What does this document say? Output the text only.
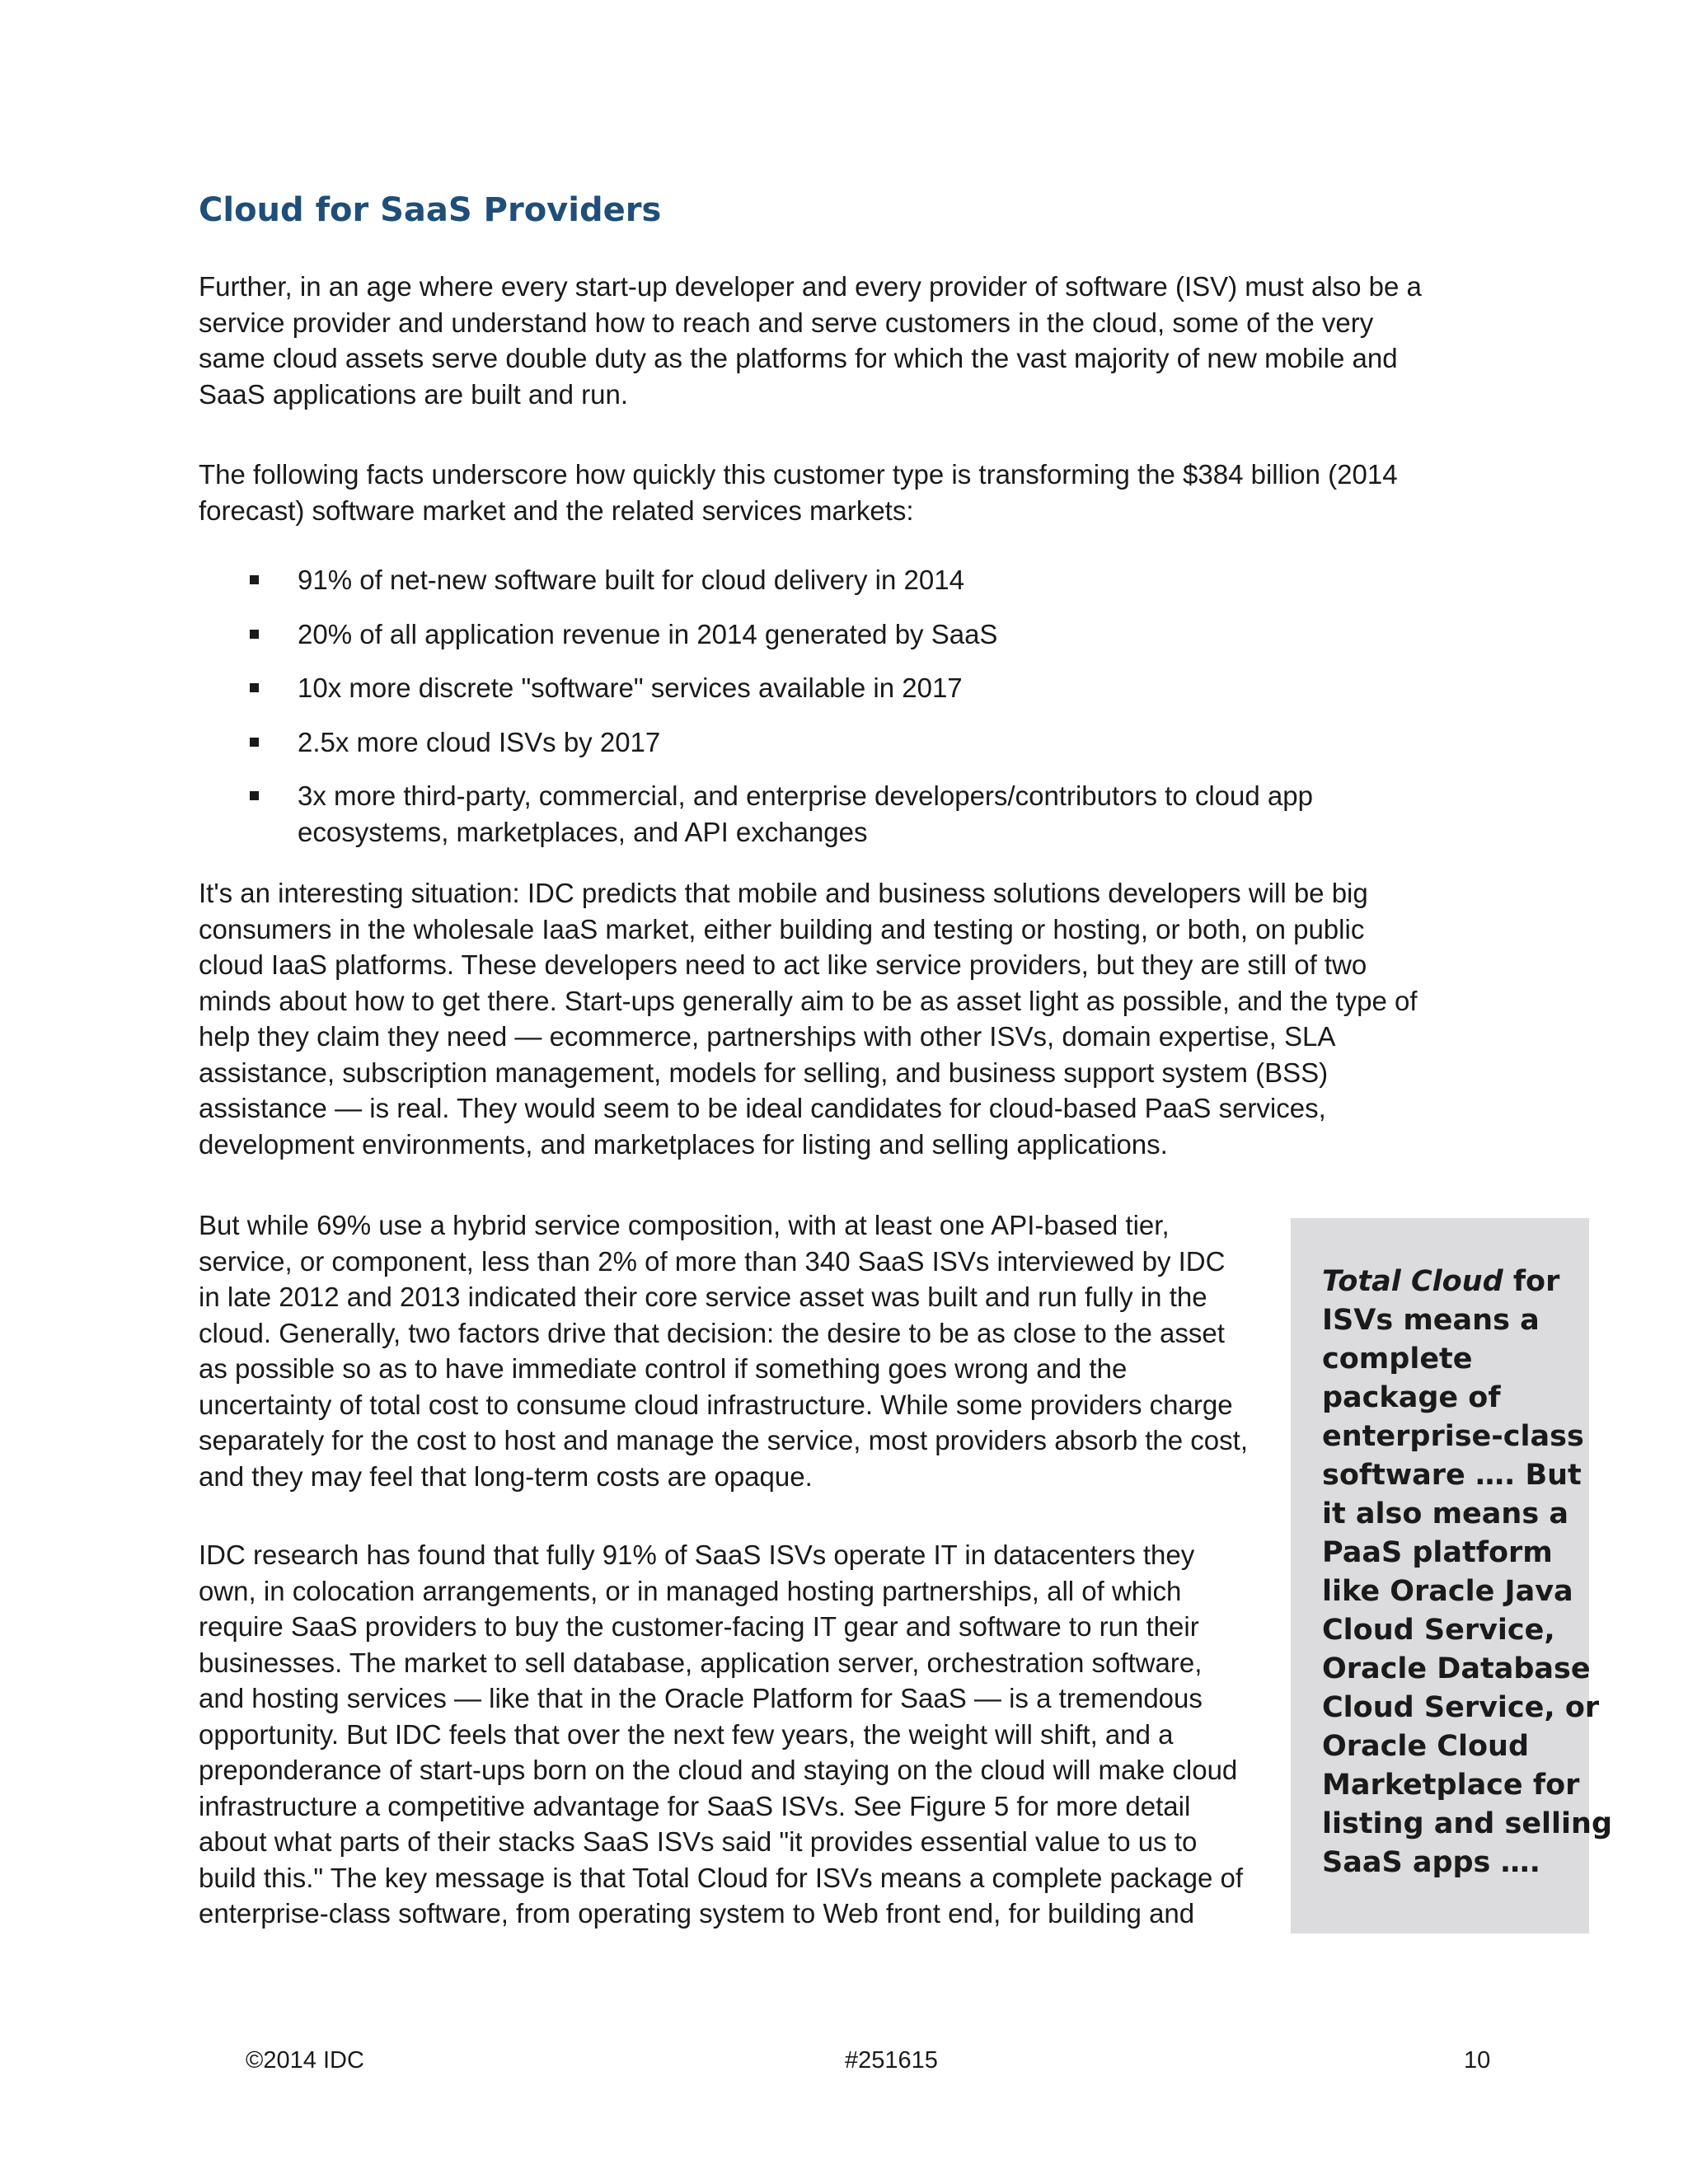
Cloud for SaaS Providers

Further, in an age where every start-up developer and every provider of software (ISV) must also be a
service provider and understand how to reach and serve customers in the cloud, some of the very
same cloud assets serve double duty as the platforms for which the vast majority of new mobile and
SaaS applications are built and run.

The following facts underscore how quickly this customer type is transforming the $384 billion (2014
forecast) software market and the related services markets:

91% of net-new software built for cloud delivery in 2014
20% of all application revenue in 2014 generated by SaaS
10x more discrete "software" services available in 2017
2.5x more cloud ISVs by 2017
3x more third-party, commercial, and enterprise developers/contributors to cloud app
ecosystems, marketplaces, and API exchanges

It's an interesting situation: IDC predicts that mobile and business solutions developers will be big
consumers in the wholesale IaaS market, either building and testing or hosting, or both, on public
cloud IaaS platforms. These developers need to act like service providers, but they are still of two
minds about how to get there. Start-ups generally aim to be as asset light as possible, and the type of
help they claim they need — ecommerce, partnerships with other ISVs, domain expertise, SLA
assistance, subscription management, models for selling, and business support system (BSS)
assistance — is real. They would seem to be ideal candidates for cloud-based PaaS services,
development environments, and marketplaces for listing and selling applications.

But while 69% use a hybrid service composition, with at least one API-based tier,
service, or component, less than 2% of more than 340 SaaS ISVs interviewed by IDC
in late 2012 and 2013 indicated their core service asset was built and run fully in the
cloud. Generally, two factors drive that decision: the desire to be as close to the asset
as possible so as to have immediate control if something goes wrong and the
uncertainty of total cost to consume cloud infrastructure. While some providers charge
separately for the cost to host and manage the service, most providers absorb the cost,
and they may feel that long-term costs are opaque.

IDC research has found that fully 91% of SaaS ISVs operate IT in datacenters they
own, in colocation arrangements, or in managed hosting partnerships, all of which
require SaaS providers to buy the customer-facing IT gear and software to run their
businesses. The market to sell database, application server, orchestration software,
and hosting services — like that in the Oracle Platform for SaaS — is a tremendous
opportunity. But IDC feels that over the next few years, the weight will shift, and a
preponderance of start-ups born on the cloud and staying on the cloud will make cloud
infrastructure a competitive advantage for SaaS ISVs. See Figure 5 for more detail
about what parts of their stacks SaaS ISVs said "it provides essential value to us to
build this." The key message is that Total Cloud for ISVs means a complete package of
enterprise-class software, from operating system to Web front end, for building and

Total Cloud for

ISVs means a

complete

package of

enterprise-class

software …. But

it also means a

PaaS platform

like Oracle Java

Cloud Service,

Oracle Database

Cloud Service, or

Oracle Cloud

Marketplace for

listing and selling

SaaS apps ….

©2014 IDC	#251615	10
